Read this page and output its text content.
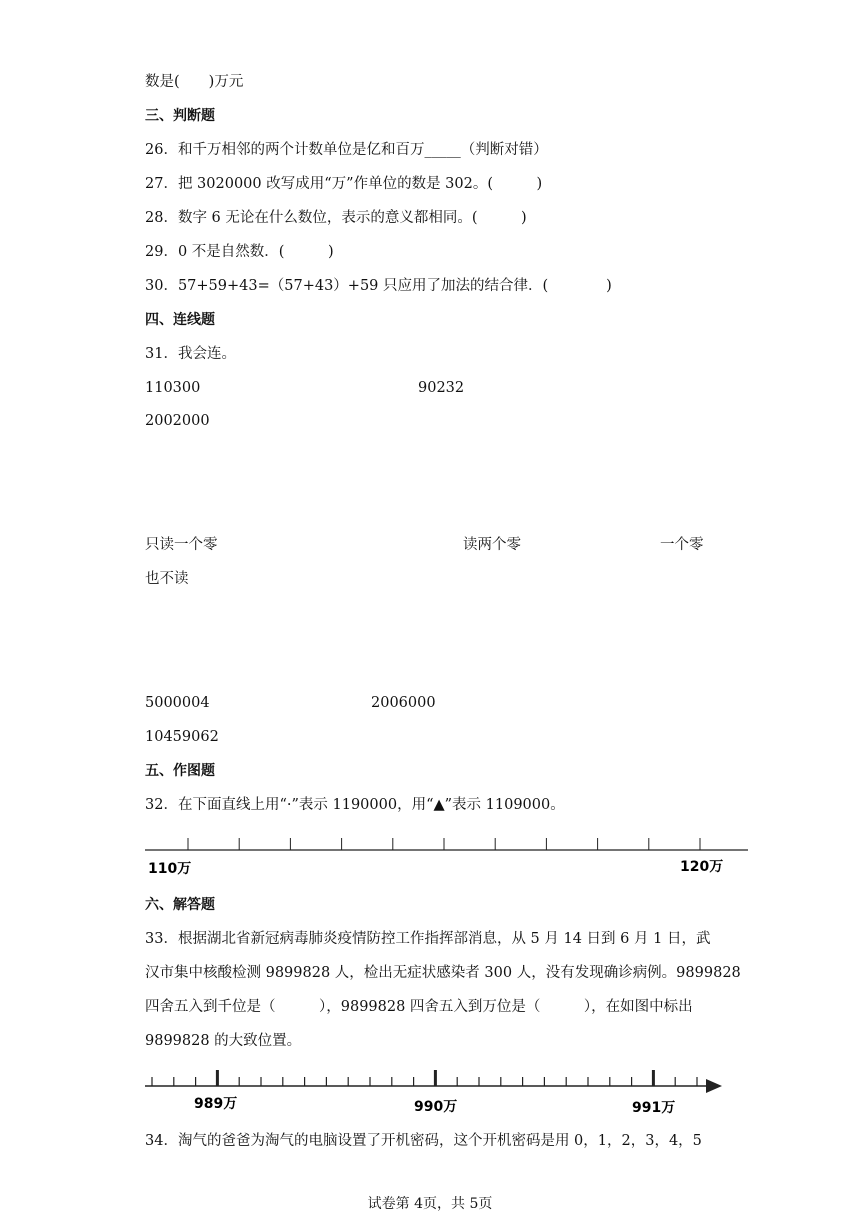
数是(　　)万元
三、判断题
26．和千万相邻的两个计数单位是亿和百万_____（判断对错）
27．把 3020000 改写成用“万”作单位的数是 302。(　　　)
28．数字 6 无论在什么数位，表示的意义都相同。(　　　)
29．0 不是自然数．(　　　)
30．57+59+43=（57+43）+59 只应用了加法的结合律．(　　　　)
四、连线题
31．我会连。
110300	90232
2002000
只读一个零	读两个零	一个零
也不读
5000004	2006000
10459062
五、作图题
32．在下面直线上用“·”表示 1190000，用“▲”表示 1109000。
110万	120万
六、解答题
33．根据湖北省新冠病毒肺炎疫情防控工作指挥部消息，从 5 月 14 日到 6 月 1 日，武
汉市集中核酸检测 9899828 人，检出无症状感染者 300 人，没有发现确诊病例。9899828
四舍五入到千位是（　　　），9899828 四舍五入到万位是（　　　），在如图中标出
9899828 的大致位置。
989万	990万	991万
34．淘气的爸爸为淘气的电脑设置了开机密码，这个开机密码是用 0，1，2，3，4，5
试卷第 4页，共 5页
